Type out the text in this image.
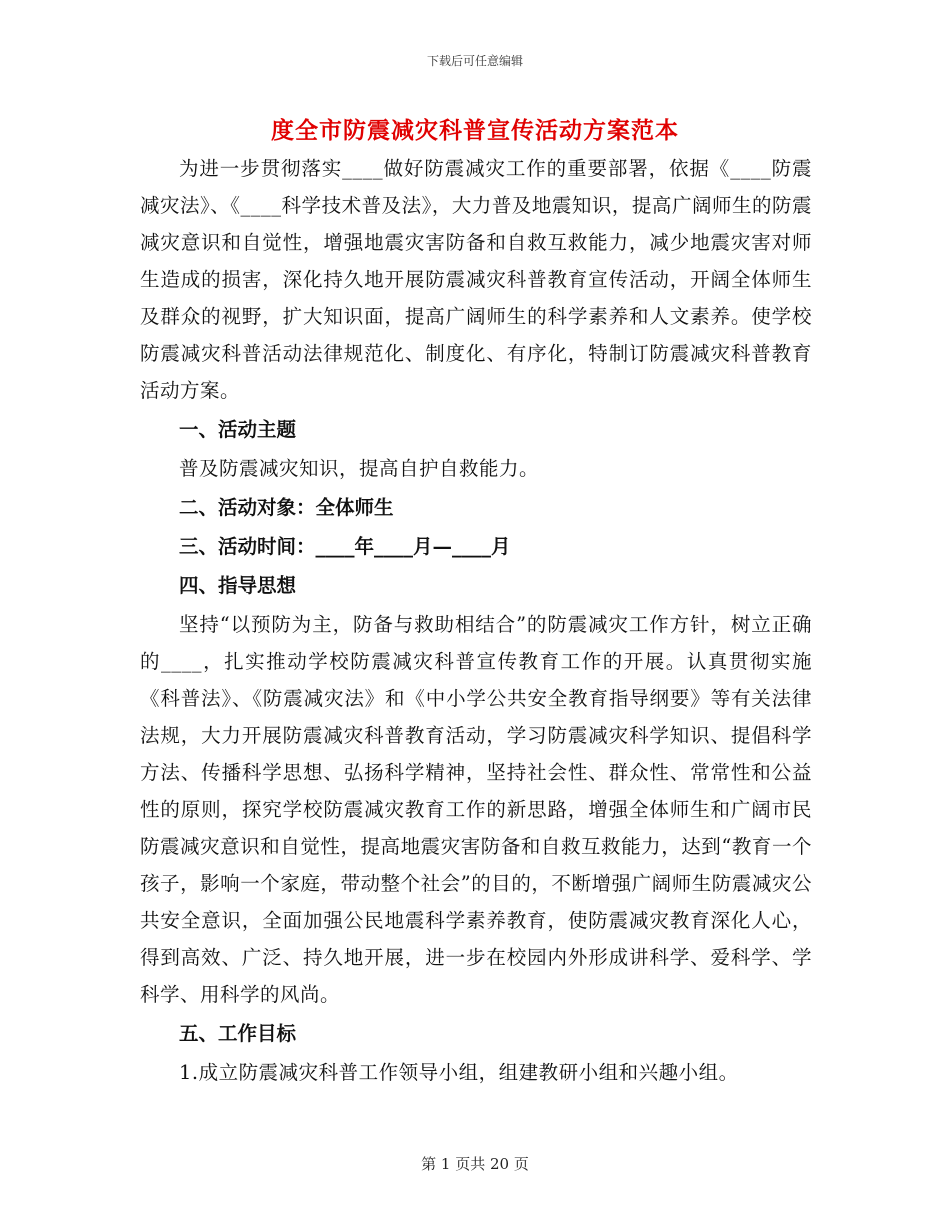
下载后可任意编辑
度全市防震减灾科普宣传活动方案范本

为进一步贯彻落实____做好防震减灾工作的重要部署，依据《____防震减灾法》、《____科学技术普及法》，大力普及地震知识，提高广阔师生的防震减灾意识和自觉性，增强地震灾害防备和自救互救能力，减少地震灾害对师生造成的损害，深化持久地开展防震减灾科普教育宣传活动，开阔全体师生及群众的视野，扩大知识面，提高广阔师生的科学素养和人文素养。使学校防震减灾科普活动法律规范化、制度化、有序化，特制订防震减灾科普教育活动方案。

一、活动主题

普及防震减灾知识，提高自护自救能力。

二、活动对象：全体师生
三、活动时间：____年____月—____月
四、指导思想

坚持“以预防为主，防备与救助相结合”的防震减灾工作方针，树立正确的____，扎实推动学校防震减灾科普宣传教育工作的开展。认真贯彻实施《科普法》、《防震减灾法》和《中小学公共安全教育指导纲要》等有关法律法规，大力开展防震减灾科普教育活动，学习防震减灾科学知识、提倡科学方法、传播科学思想、弘扬科学精神，坚持社会性、群众性、常常性和公益性的原则，探究学校防震减灾教育工作的新思路，增强全体师生和广阔市民防震减灾意识和自觉性，提高地震灾害防备和自救互救能力，达到“教育一个孩子，影响一个家庭，带动整个社会”的目的，不断增强广阔师生防震减灾公共安全意识，全面加强公民地震科学素养教育，使防震减灾教育深化人心，得到高效、广泛、持久地开展，进一步在校园内外形成讲科学、爱科学、学科学、用科学的风尚。

五、工作目标

1.成立防震减灾科普工作领导小组，组建教研小组和兴趣小组。

第 1 页共 20 页
